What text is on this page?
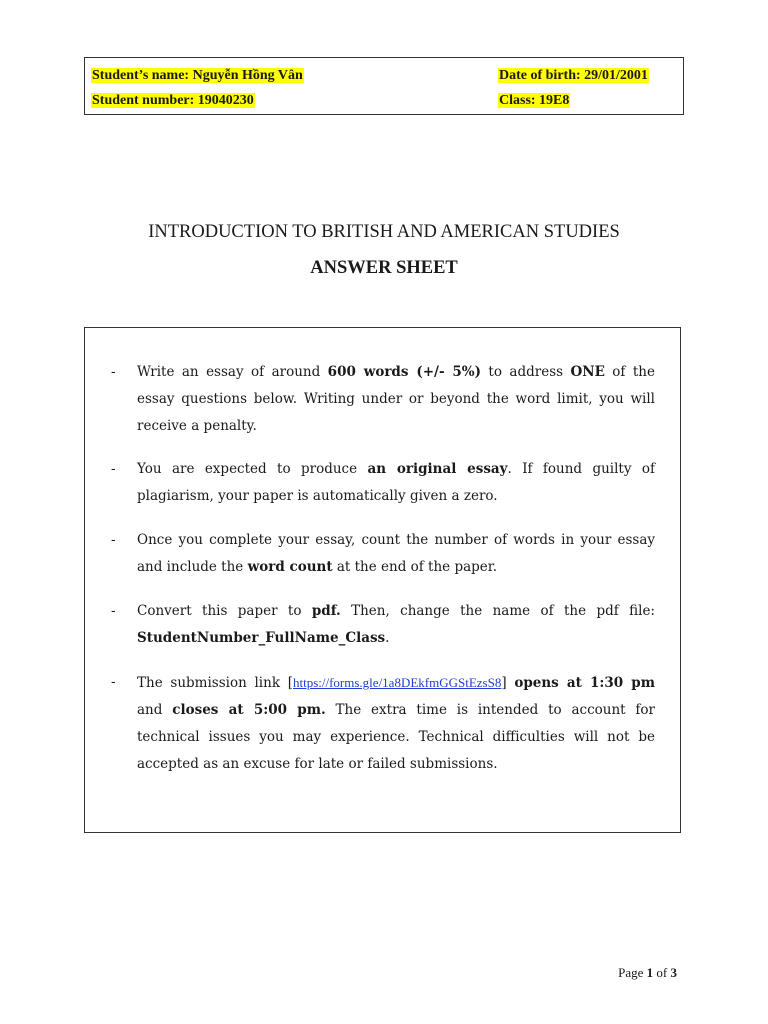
Student’s name: Nguyễn Hồng Vân	Date of birth: 29/01/2001
Student number: 19040230	Class: 19E8
INTRODUCTION TO BRITISH AND AMERICAN STUDIES
ANSWER SHEET
- Write an essay of around 600 words (+/- 5%) to address ONE of the essay questions below. Writing under or beyond the word limit, you will receive a penalty.
- You are expected to produce an original essay. If found guilty of plagiarism, your paper is automatically given a zero.
- Once you complete your essay, count the number of words in your essay and include the word count at the end of the paper.
- Convert this paper to pdf. Then, change the name of the pdf file: StudentNumber_FullName_Class.
- The submission link [https://forms.gle/1a8DEkfmGGStEzsS8] opens at 1:30 pm and closes at 5:00 pm. The extra time is intended to account for technical issues you may experience. Technical difficulties will not be accepted as an excuse for late or failed submissions.
Page 1 of 3
